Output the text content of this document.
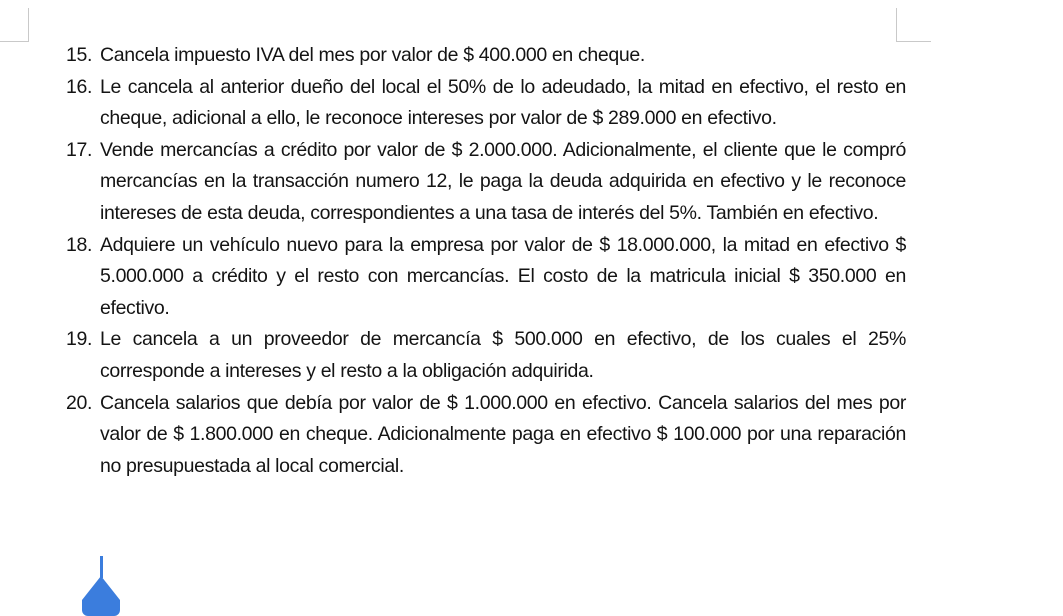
15. Cancela impuesto IVA del mes por valor de $ 400.000 en cheque.
16. Le cancela al anterior dueño del local el 50% de lo adeudado, la mitad en efectivo, el resto en cheque, adicional a ello, le reconoce intereses por valor de $ 289.000 en efectivo.
17. Vende mercancías a crédito por valor de $ 2.000.000. Adicionalmente, el cliente que le compró mercancías en la transacción numero 12, le paga la deuda adquirida en efectivo y le reconoce intereses de esta deuda, correspondientes a una tasa de interés del 5%. También en efectivo.
18. Adquiere un vehículo nuevo para la empresa por valor de $ 18.000.000, la mitad en efectivo $ 5.000.000 a crédito y el resto con mercancías. El costo de la matricula inicial $ 350.000 en efectivo.
19. Le cancela a un proveedor de mercancía $ 500.000 en efectivo, de los cuales el 25% corresponde a intereses y el resto a la obligación adquirida.
20. Cancela salarios que debía por valor de $ 1.000.000 en efectivo. Cancela salarios del mes por valor de $ 1.800.000 en cheque. Adicionalmente paga en efectivo $ 100.000 por una reparación no presupuestada al local comercial.
